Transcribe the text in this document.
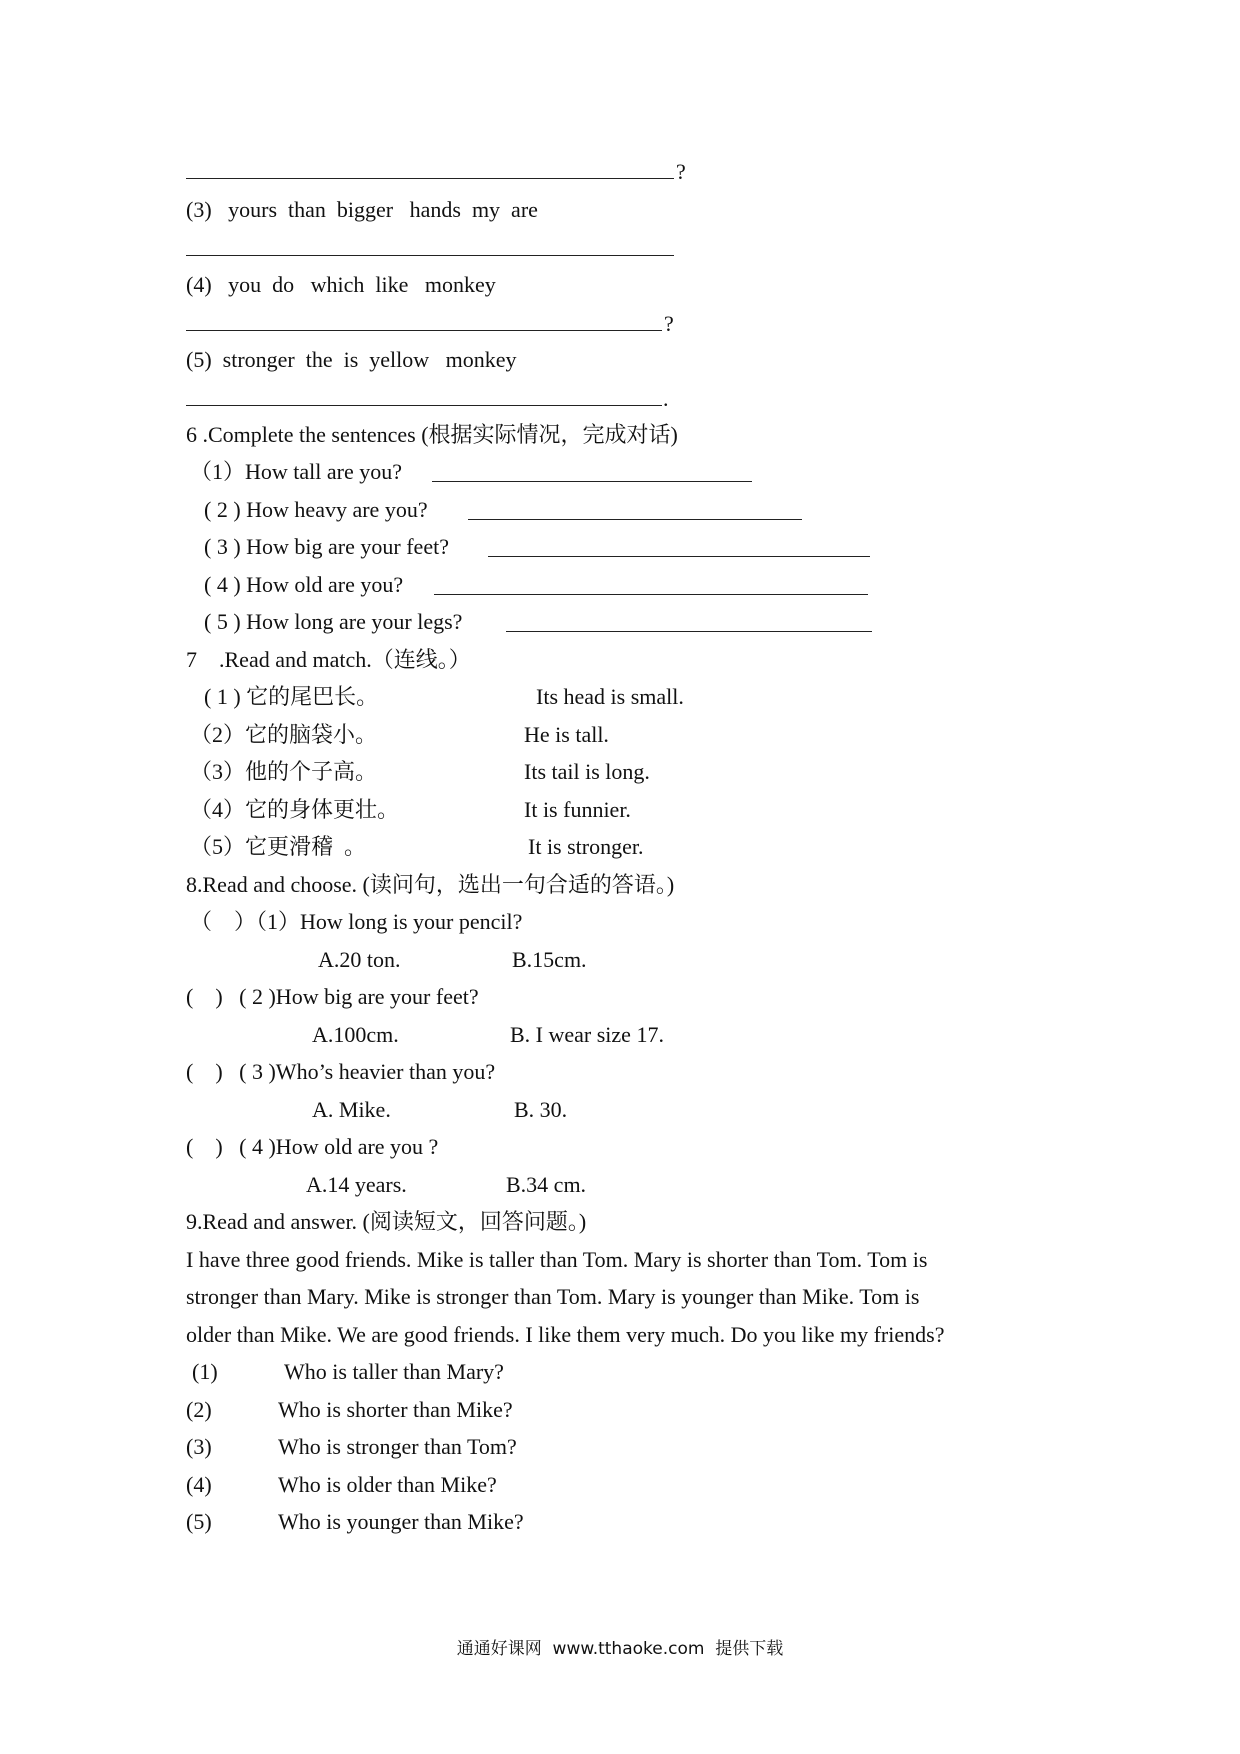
?
(3)   yours  than  bigger   hands  my  are
(4)   you  do   which  like   monkey
?
(5)  stronger  the  is  yellow   monkey
.
6 .Complete the sentences (根据实际情况，完成对话)
（1）How tall are you?
( 2 ) How heavy are you?
( 3 ) How big are your feet?
( 4 ) How old are you?
( 5 ) How long are your legs?
7    .Read and match.（连线。）
( 1 ) 它的尾巴长。	Its head is small.
（2）它的脑袋小。	He is tall.
（3）他的个子高。	Its tail is long.
（4）它的身体更壮。	It is funnier.
（5）它更滑稽  。	It is stronger.
8.Read and choose. (读问句，选出一句合适的答语。)
（    ）（1）How long is your pencil?
A.20 ton.	B.15cm.
(    )   ( 2 )How big are your feet?
A.100cm.	B. I wear size 17.
(    )   ( 3 )Who’s heavier than you?
A. Mike.	B. 30.
(    )   ( 4 )How old are you ?
A.14 years.	B.34 cm.
9.Read and answer. (阅读短文，回答问题。)
I have three good friends. Mike is taller than Tom. Mary is shorter than Tom. Tom is
stronger than Mary. Mike is stronger than Tom. Mary is younger than Mike. Tom is
older than Mike. We are good friends. I like them very much. Do you like my friends?
(1)	Who is taller than Mary?
(2)	Who is shorter than Mike?
(3)	Who is stronger than Tom?
(4)	Who is older than Mike?
(5)	Who is younger than Mike?
通通好课网  www.tthaoke.com  提供下载
